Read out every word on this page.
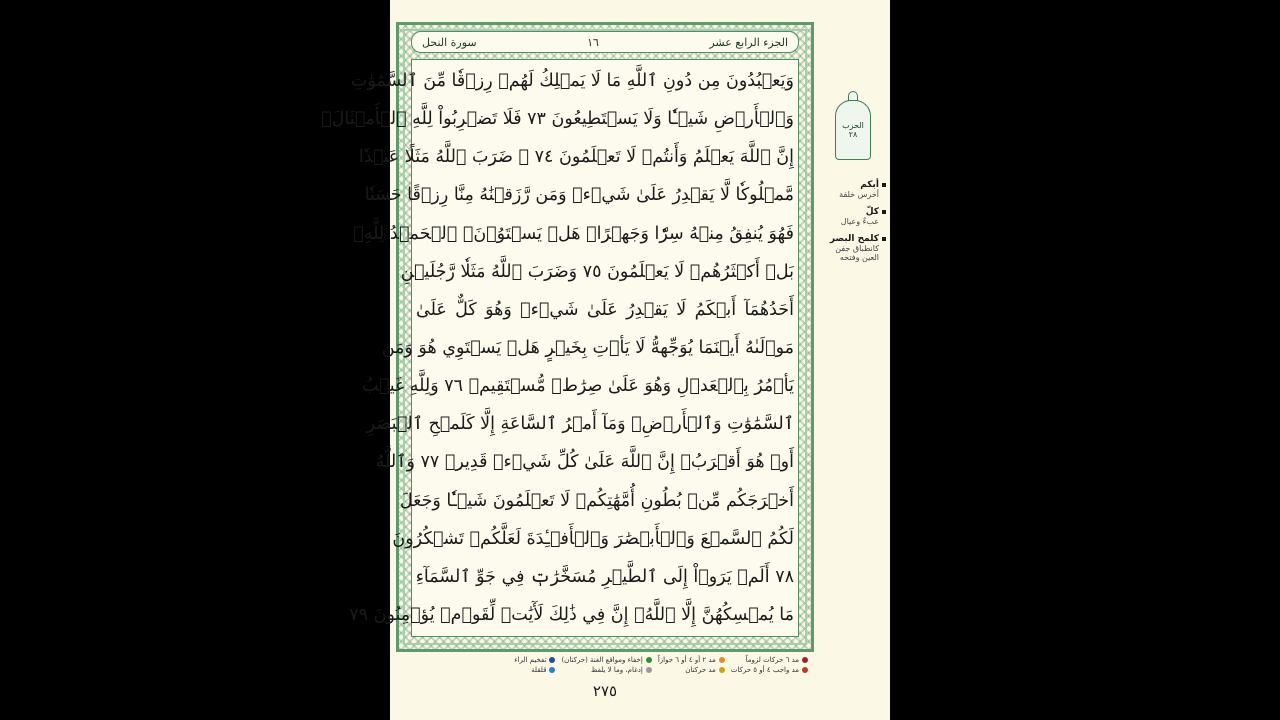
الجزء الرابع عشر
١٦
سورة النحل
وَيَعۡبُدُونَ مِن دُونِ ٱللَّهِ مَا لَا يَمۡلِكُ لَهُمۡ رِزۡقٗا مِّنَ ٱلسَّمَٰوَٰتِ
وَٱلۡأَرۡضِ شَيۡـٔٗا وَلَا يَسۡتَطِيعُونَ ٧٣ فَلَا تَضۡرِبُواْ لِلَّهِ ٱلۡأَمۡثَالَۚ
إِنَّ ٱللَّهَ يَعۡلَمُ وَأَنتُمۡ لَا تَعۡلَمُونَ ٧٤ ۞ ضَرَبَ ٱللَّهُ مَثَلًا عَبۡدٗا
مَّمۡلُوكٗا لَّا يَقۡدِرُ عَلَىٰ شَيۡءٖ وَمَن رَّزَقۡنَٰهُ مِنَّا رِزۡقًا حَسَنٗا
فَهُوَ يُنفِقُ مِنۡهُ سِرّٗا وَجَهۡرًاۖ هَلۡ يَسۡتَوُۥنَۚ ٱلۡحَمۡدُ لِلَّهِۚ
بَلۡ أَكۡثَرُهُمۡ لَا يَعۡلَمُونَ ٧٥ وَضَرَبَ ٱللَّهُ مَثَلٗا رَّجُلَيۡنِ
أَحَدُهُمَآ أَبۡكَمُ لَا يَقۡدِرُ عَلَىٰ شَيۡءٖ وَهُوَ كَلٌّ عَلَىٰ
مَوۡلَىٰهُ أَيۡنَمَا يُوَجِّههُّ لَا يَأۡتِ بِخَيۡرٍ هَلۡ يَسۡتَوِي هُوَ وَمَن
يَأۡمُرُ بِٱلۡعَدۡلِ وَهُوَ عَلَىٰ صِرَٰطٖ مُّسۡتَقِيمٖ ٧٦ وَلِلَّهِ غَيۡبُ
ٱلسَّمَٰوَٰتِ وَٱلۡأَرۡضِۚ وَمَآ أَمۡرُ ٱلسَّاعَةِ إِلَّا كَلَمۡحِ ٱلۡبَصَرِ
أَوۡ هُوَ أَقۡرَبُۚ إِنَّ ٱللَّهَ عَلَىٰ كُلِّ شَيۡءٖ قَدِيرٞ ٧٧ وَٱللَّهُ
أَخۡرَجَكُم مِّنۢ بُطُونِ أُمَّهَٰتِكُمۡ لَا تَعۡلَمُونَ شَيۡـٔٗا وَجَعَلَ
لَكُمُ ٱلسَّمۡعَ وَٱلۡأَبۡصَٰرَ وَٱلۡأَفۡـِٔدَةَ لَعَلَّكُمۡ تَشۡكُرُونَ
٧٨ أَلَمۡ يَرَوۡاْ إِلَى ٱلطَّيۡرِ مُسَخَّرَٰتٖ فِي جَوِّ ٱلسَّمَآءِ
مَا يُمۡسِكُهُنَّ إِلَّا ٱللَّهُۚ إِنَّ فِي ذَٰلِكَ لَأٓيَٰتٖ لِّقَوۡمٖ يُؤۡمِنُونَ ٧٩
الحزب
٢٨
أبكم
أخرس خلقة
كلّ
عبءٌ وعيال
كلمح البصر
كانطباق جفن العين وفتحه
مد ٦ حركات لزوماً
مد واجب ٤ أو ٥ حركات
مد ٢ أو ٤ أو ٦ جوازاً
مد حركتان
إخفاء ومواقع الغنة (حركتان)
إدغام، وما لا يلفظ
تفخيم الراء
قلقلة
٢٧٥
